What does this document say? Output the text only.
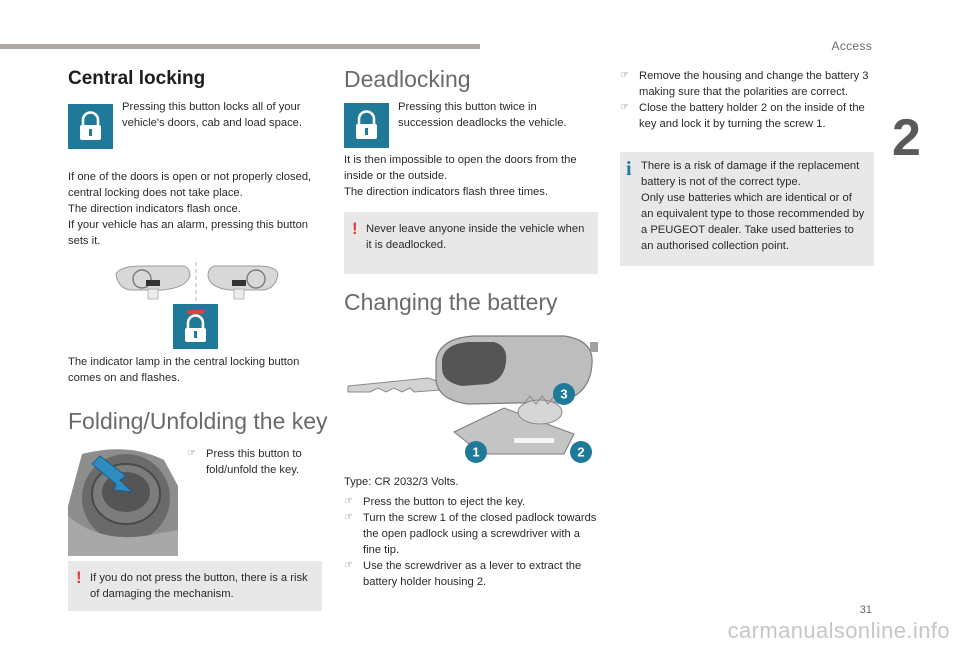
Access
2
Central locking
Pressing this button locks all of your vehicle's doors, cab and load space.

If one of the doors is open or not properly closed, central locking does not take place.

The direction indicators flash once.

If your vehicle has an alarm, pressing this button sets it.

The indicator lamp in the central locking button comes on and flashes.
Folding/Unfolding the key
☞ Press this button to fold/unfold the key.
! If you do not press the button, there is a risk of damaging the mechanism.
Deadlocking
Pressing this button twice in succession deadlocks the vehicle.

It is then impossible to open the doors from the inside or the outside.

The direction indicators flash three times.

! Never leave anyone inside the vehicle when it is deadlocked.
Changing the battery
1	2
3
Type: CR 2032/3 Volts.
☞ Press the button to eject the key.
☞ Turn the screw 1 of the closed padlock towards the open padlock using a screwdriver with a fine tip.
☞ Use the screwdriver as a lever to extract the battery holder housing 2.
☞ Remove the housing and change the battery 3 making sure that the polarities are correct.
☞ Close the battery holder 2 on the inside of the key and lock it by turning the screw 1.
i There is a risk of damage if the replacement battery is not of the correct type.

Only use batteries which are identical or of an equivalent type to those recommended by a PEUGEOT dealer. Take used batteries to an authorised collection point.

31
carmanualsonline.info
